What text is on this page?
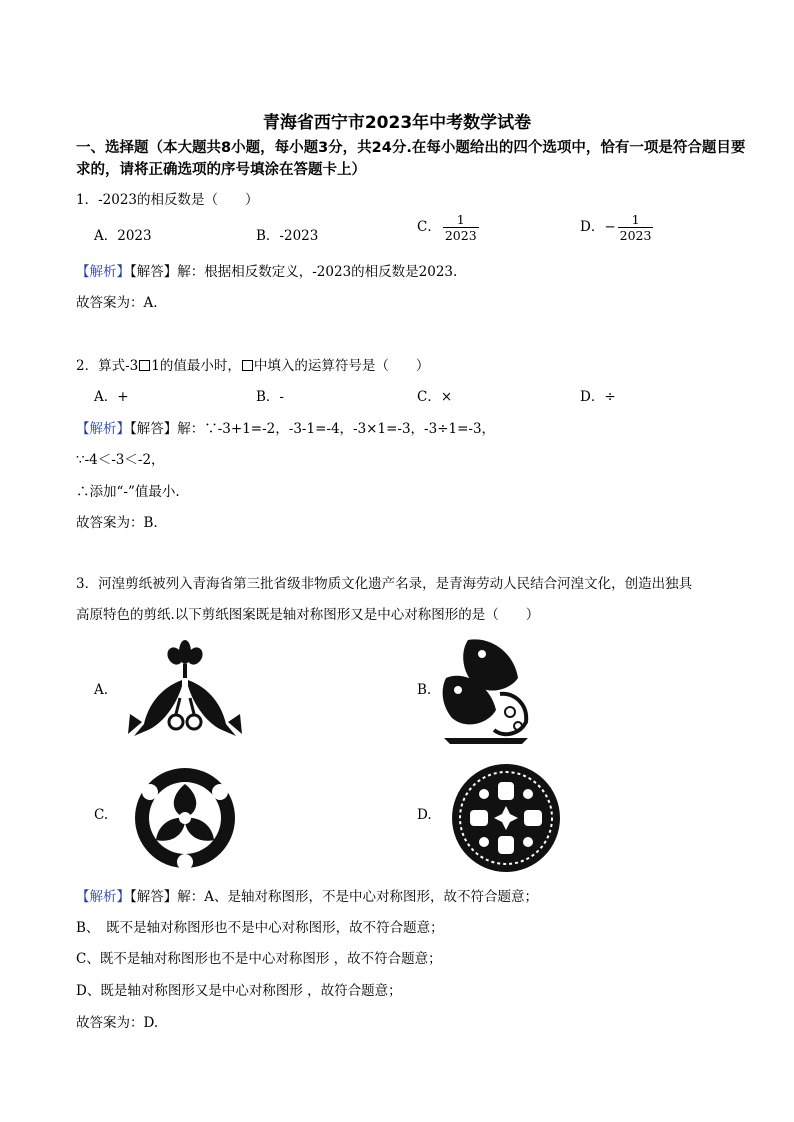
青海省西宁市2023年中考数学试卷
一、选择题（本大题共8小题，每小题3分，共24分.在每小题给出的四个选项中，恰有一项是符合题目要求的，请将正确选项的序号填涂在答题卡上）
1．-2023的相反数是（　　）
A．2023	B．-2023
C． $\frac{1}{2023}$	D．− $\frac{1}{2023}$
【解析】【解答】解：根据相反数定义，-2023的相反数是2023.
故答案为：A.
2．算式-3 1的值最小时， 中填入的运算符号是（　　）
A．+	B．-	C．×	D．÷
【解析】【解答】解：∵-3+1=-2，-3-1=-4，-3×1=-3，-3÷1=-3，
∵-4＜-3＜-2，
∴添加“-”值最小.
故答案为：B.
3．河湟剪纸被列入青海省第三批省级非物质文化遗产名录，是青海劳动人民结合河湟文化，创造出独具
高原特色的剪纸.以下剪纸图案既是轴对称图形又是中心对称图形的是（　　）
A.	B.
C.	D.
【解析】【解答】解：A、是轴对称图形，不是中心对称图形，故不符合题意；
B、　既不是轴对称图形也不是中心对称图形，故不符合题意；
C、既不是轴对称图形也不是中心对称图形 ，故不符合题意；
D、既是轴对称图形又是中心对称图形 ，故符合题意；
故答案为：D.
